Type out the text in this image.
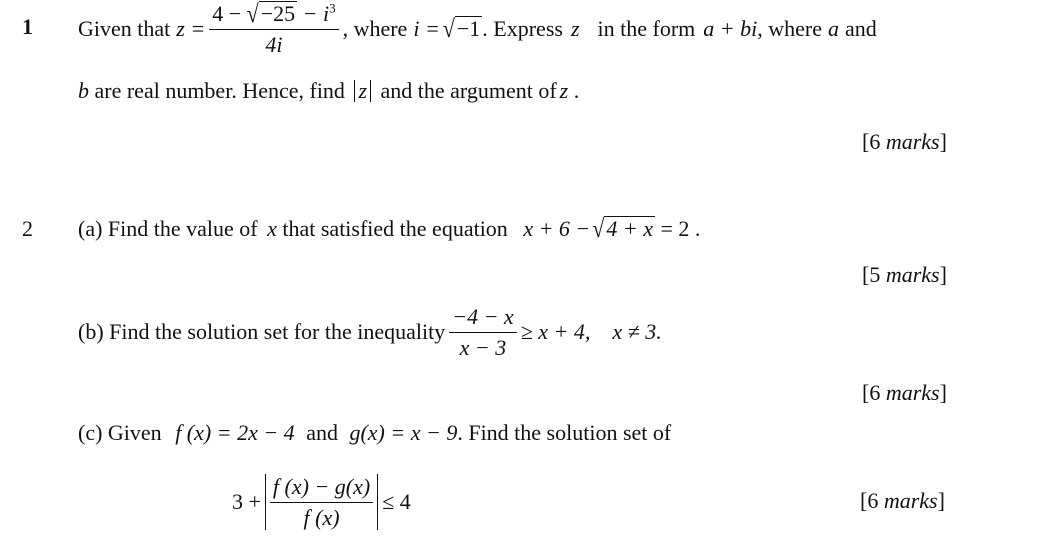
1 Given that $z = \frac{4 - √-25 - i^3}{4i}$ , where i = √ −1 . Express z in the form a + bi , where a and
b are real number. Hence, find z and the argument of z .
[6 marks]
2 (a) Find the value of x that satisfied the equation x + 6 −√4 + x = 2 .
[5 marks]
(b) Find the solution set for the inequality $\frac{-4 - x}{x - 3} \ge x + 4$, x ≠ 3.
[6 marks]
(c) Given f (x) = 2x − 4 and g(x) = x − 9. Find the solution set of
$3 + \frac{f (x) - g(x)}{f (x)} \le 4$	[6 marks]
